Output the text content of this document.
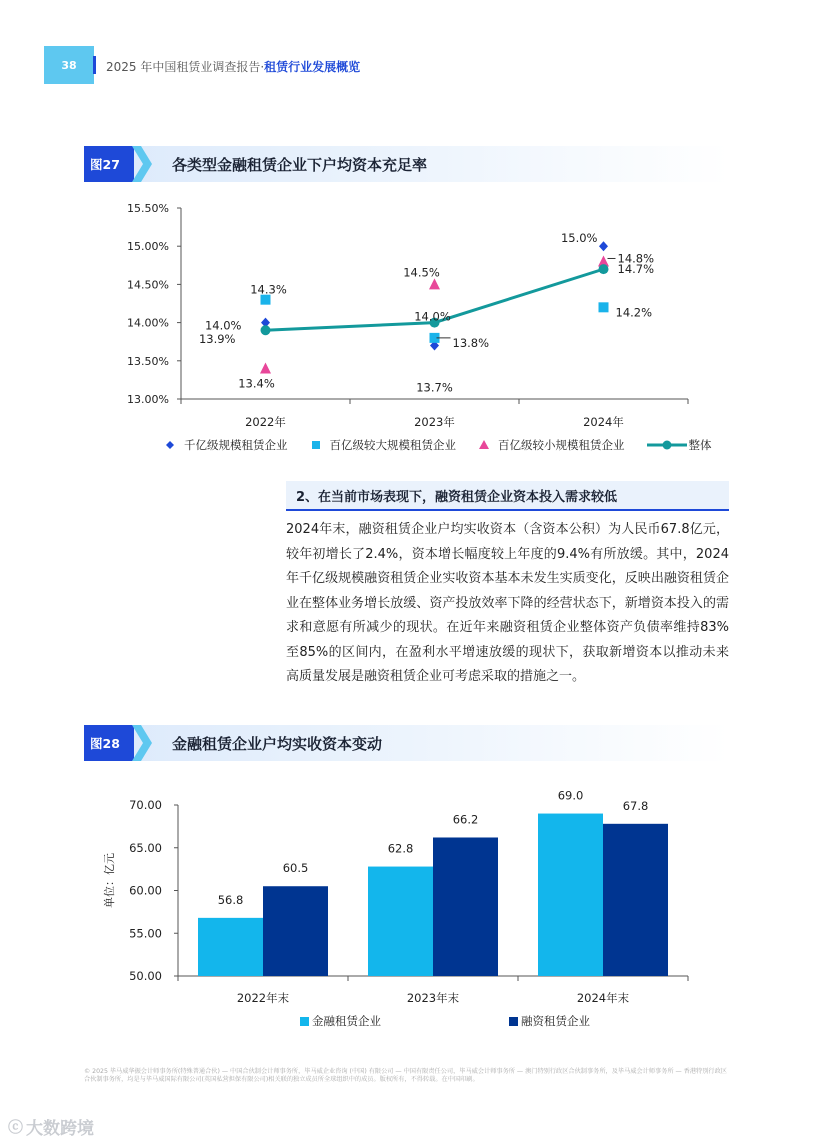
38	2025 年中国租赁业调查报告·租赁行业发展概览
图27	各类型金融租赁企业下户均资本充足率
13.00%
13.50%
14.00%
14.50%
15.00%
15.50%
2022年	2023年	2024年
14.0%
13.7%
15.0%
14.3%
13.8%
14.2%
13.4%
14.5%
14.8%
13.9%
14.0%
14.7%
千亿级规模租赁企业	百亿级较大规模租赁企业	百亿级较小规模租赁企业	整体
2、在当前市场表现下，融资租赁企业资本投入需求较低
2024年末，融资租赁企业户均实收资本（含资本公积）为人民币67.8亿元，较年初增长了2.4%，资本增长幅度较上年度的9.4%有所放缓。其中，2024年千亿级规模融资租赁企业实收资本基本未发生实质变化，反映出融资租赁企业在整体业务增长放缓、资产投放效率下降的经营状态下，新增资本投入的需求和意愿有所减少的现状。在近年来融资租赁企业整体资产负债率维持83%至85%的区间内，在盈利水平增速放缓的现状下，获取新增资本以推动未来高质量发展是融资租赁企业可考虑采取的措施之一。
图28	金融租赁企业户均实收资本变动
50.00
55.00
60.00
65.00
70.00
单位：亿元
2022年末
56.8
60.5
2023年末
62.8
66.2
2024年末
69.0
67.8
金融租赁企业	融资租赁企业
© 2025 毕马威华振会计师事务所(特殊普通合伙) — 中国合伙制会计师事务所，毕马威企业咨询 (中国) 有限公司 — 中国有限责任公司，毕马威会计师事务所 — 澳门特别行政区合伙制事务所，及毕马威会计师事务所 — 香港特别行政区合伙制事务所，均是与毕马威国际有限公司(英国私营担保有限公司)相关联的独立成员所全球组织中的成员。版权所有，不得转载。在中国印刷。
ⓒ 大数跨境
